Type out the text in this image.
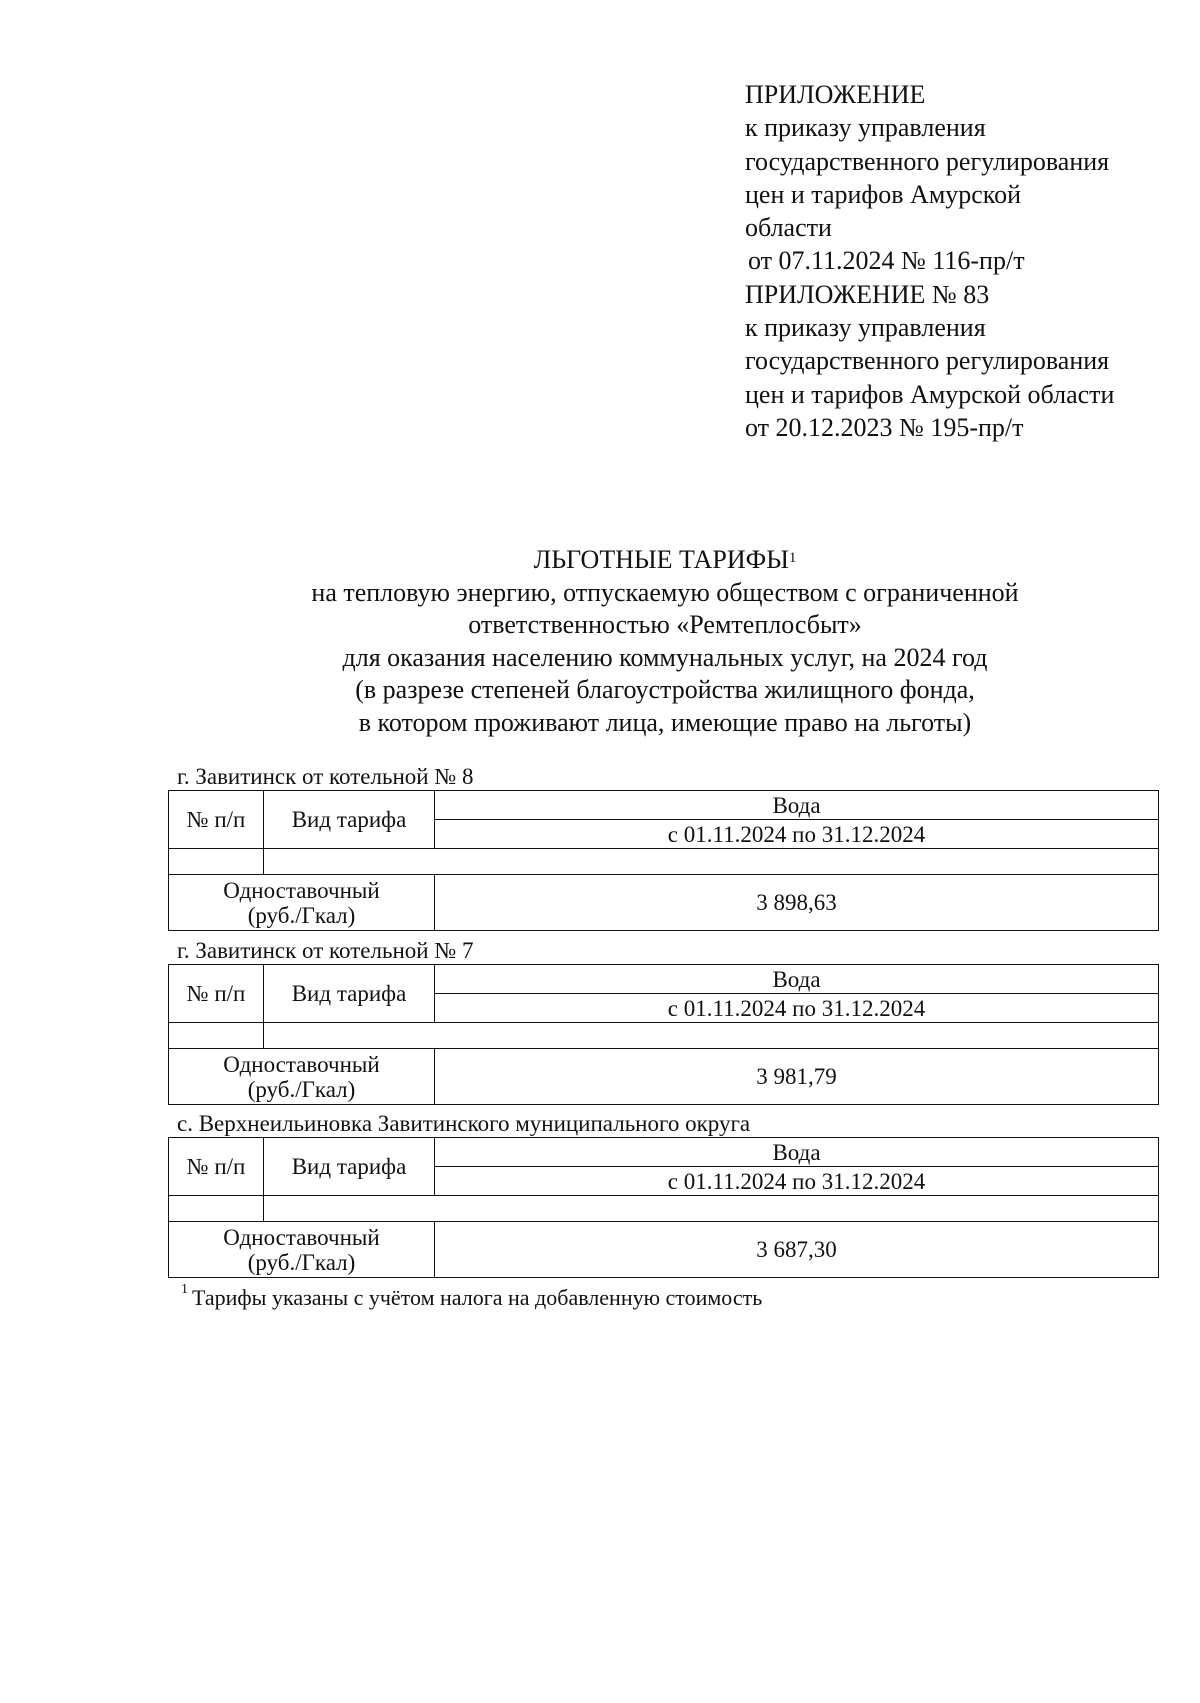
ПРИЛОЖЕНИЕ
к приказу управления
государственного регулирования
цен и тарифов Амурской
области
от 07.11.2024 № 116-пр/т
ПРИЛОЖЕНИЕ № 83
к приказу управления
государственного регулирования
цен и тарифов Амурской области
от 20.12.2023 № 195-пр/т
ЛЬГОТНЫЕ ТАРИФЫ$^1$
на тепловую энергию, отпускаемую обществом с ограниченной
ответственностью «Ремтеплосбыт»
для оказания населению коммунальных услуг, на 2024 год
(в разрезе степеней благоустройства жилищного фонда,
в котором проживают лица, имеющие право на льготы)
г. Завитинск от котельной № 8
№ п/п	Вид тарифа	Вода
		с 01.11.2024 по 31.12.2024

Одноставочный
(руб./Гкал)		3 898,63
г. Завитинск от котельной № 7
№ п/п	Вид тарифа	Вода
		с 01.11.2024 по 31.12.2024

Одноставочный
(руб./Гкал)		3 981,79
с. Верхнеильиновка Завитинского муниципального округа
№ п/п	Вид тарифа	Вода
		с 01.11.2024 по 31.12.2024

Одноставочный
(руб./Гкал)		3 687,30
$^1$ Тарифы указаны с учётом налога на добавленную стоимость
